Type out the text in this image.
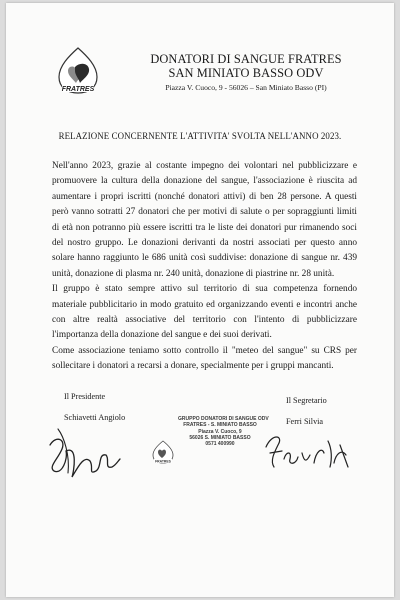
FRATRES
DONATORI DI SANGUE FRATRES
SAN MINIATO BASSO ODV
Piazza V. Cuoco, 9 - 56026 – San Miniato Basso (PI)
RELAZIONE CONCERNENTE L'ATTIVITA' SVOLTA NELL'ANNO 2023.

Nell'anno 2023, grazie al costante impegno dei volontari nel pubblicizzare e promuovere la cultura della donazione del sangue, l'associazione è riuscita ad aumentare i propri iscritti (nonché donatori attivi) di ben 28 persone. A questi però vanno sotratti 27 donatori che per motivi di salute o per sopraggiunti limiti di età non potranno più essere iscritti tra le liste dei donatori pur rimanendo soci del nostro gruppo. Le donazioni derivanti da nostri associati per questo anno solare hanno raggiunto le 686 unità così suddivise: donazione di sangue nr. 439 unità, donazione di plasma nr. 240 unità, donazione di piastrine nr. 28 unità.

Il gruppo è stato sempre attivo sul territorio di sua competenza fornendo materiale pubblicitario in modo gratuito ed organizzando eventi e incontri anche con altre realtà associative del territorio con l'intento di pubblicizzare l'importanza della donazione del sangue e dei suoi derivati.

Come associazione teniamo sotto controllo il "meteo del sangue" su CRS per sollecitare i donatori a recarsi a donare, specialmente per i gruppi mancanti.

Il Presidente
Schiavetti Angiolo
Il Segretario
Ferri Silvia
FRATRES
GRUPPO DONATORI DI SANGUE ODV
FRATRES - S. MINIATO BASSO
Piazza V. Cuoco, 9
56026 S. MINIATO BASSO
0571 400990
